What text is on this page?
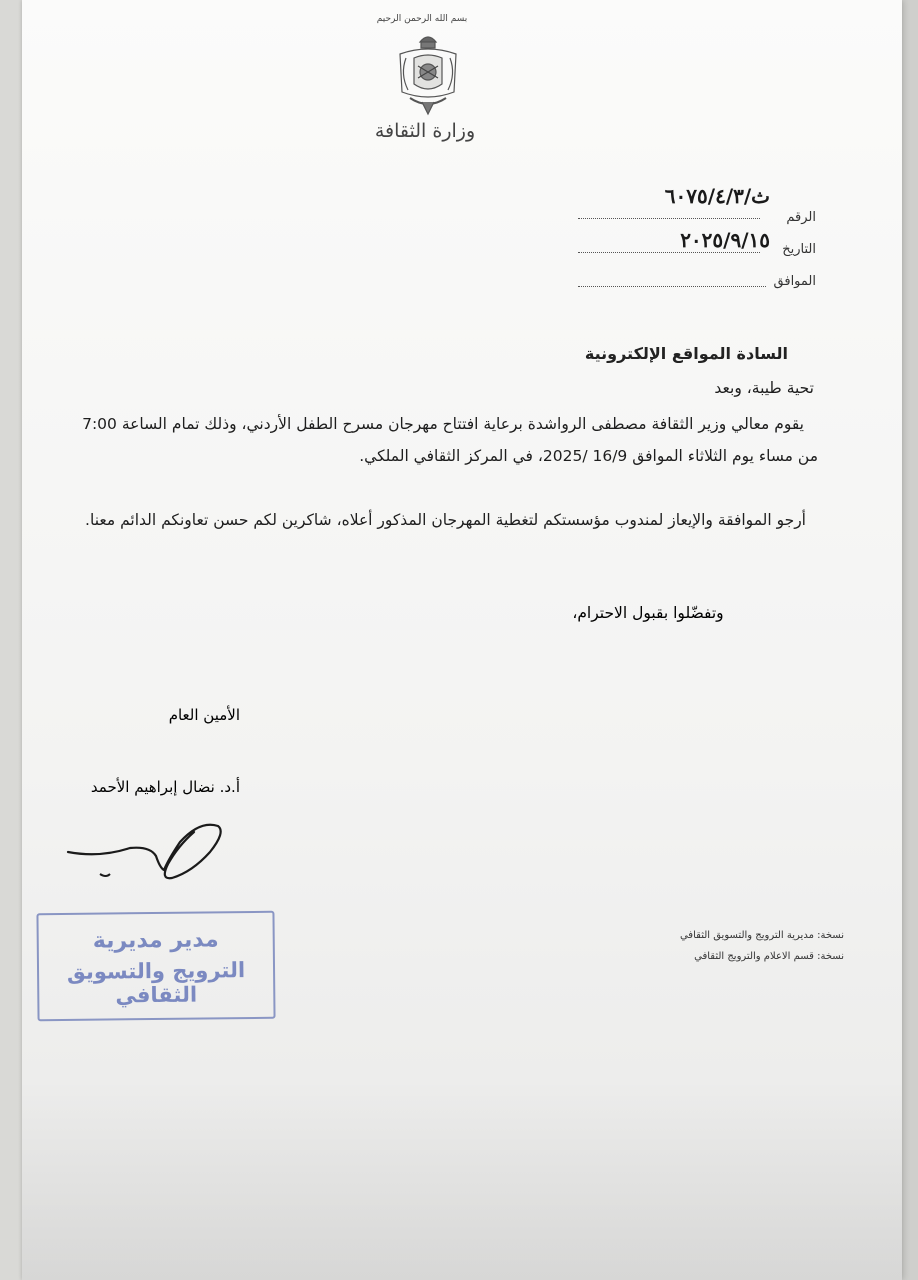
بسم الله الرحمن الرحيم
وزارة الثقافة
الرقم
ث/٦٠٧٥/٤/٣
التاريخ
٢٠٢٥/٩/١٥
الموافق
السادة المواقع الإلكترونية
تحية طيبة، وبعد
يقوم معالي وزير الثقافة مصطفى الرواشدة برعاية افتتاح مهرجان مسرح الطفل الأردني، وذلك تمام الساعة 7:00 من مساء يوم الثلاثاء الموافق 16/9 /2025، في المركز الثقافي الملكي.
أرجو الموافقة والإيعاز لمندوب مؤسستكم لتغطية المهرجان المذكور أعلاه، شاكرين لكم حسن تعاونكم الدائم معنا.
وتفضّلوا بقبول الاحترام،
الأمين العام
أ.د. نضال إبراهيم الأحمد
مدير مديرية
الترويج والتسويق الثقافي
نسخة: مديرية الترويج والتسويق الثقافي
نسخة: قسم الاعلام والترويج الثقافي
